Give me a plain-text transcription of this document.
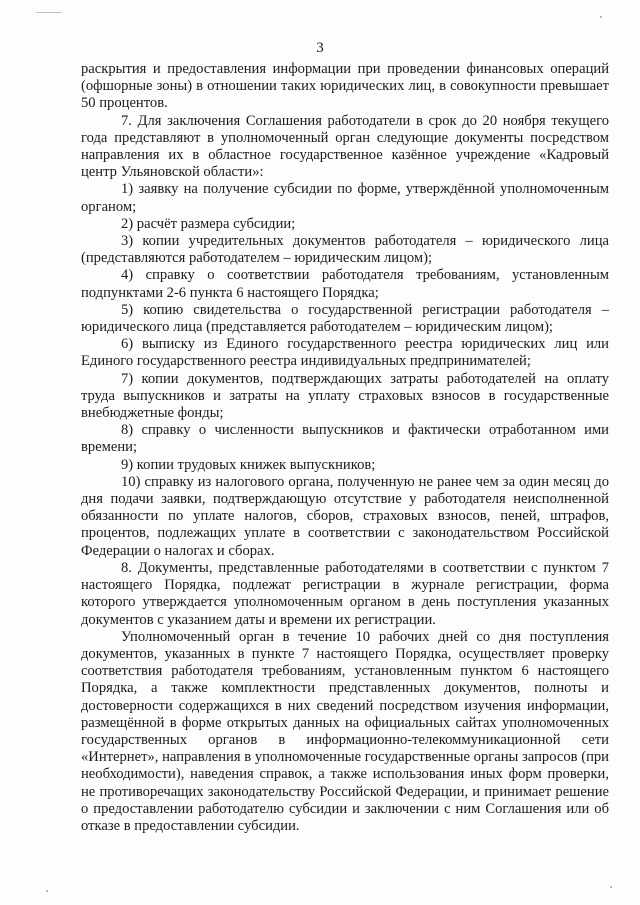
3

раскрытия и предоставления информации при проведении финансовых операций (офшорные зоны) в отношении таких юридических лиц, в совокупности превышает 50 процентов.

7. Для заключения Соглашения работодатели в срок до 20 ноября текущего года представляют в уполномоченный орган следующие документы посредством направления их в областное государственное казённое учреждение «Кадровый центр Ульяновской области»:

1) заявку на получение субсидии по форме, утверждённой уполномоченным органом;

2) расчёт размера субсидии;

3) копии учредительных документов работодателя – юридического лица (представляются работодателем – юридическим лицом);

4) справку о соответствии работодателя требованиям, установленным подпунктами 2-6 пункта 6 настоящего Порядка;

5) копию свидетельства о государственной регистрации работодателя – юридического лица (представляется работодателем – юридическим лицом);

6) выписку из Единого государственного реестра юридических лиц или Единого государственного реестра индивидуальных предпринимателей;

7) копии документов, подтверждающих затраты работодателей на оплату труда выпускников и затраты на уплату страховых взносов в государственные внебюджетные фонды;

8) справку о численности выпускников и фактически отработанном ими времени;

9) копии трудовых книжек выпускников;

10) справку из налогового органа, полученную не ранее чем за один месяц до дня подачи заявки, подтверждающую отсутствие у работодателя неисполненной обязанности по уплате налогов, сборов, страховых взносов, пеней, штрафов, процентов, подлежащих уплате в соответствии с законодательством Российской Федерации о налогах и сборах.

8. Документы, представленные работодателями в соответствии с пунктом 7 настоящего Порядка, подлежат регистрации в журнале регистрации, форма которого утверждается уполномоченным органом в день поступления указанных документов с указанием даты и времени их регистрации.

Уполномоченный орган в течение 10 рабочих дней со дня поступления документов, указанных в пункте 7 настоящего Порядка, осуществляет проверку соответствия работодателя требованиям, установленным пунктом 6 настоящего Порядка, а также комплектности представленных документов, полноты и достоверности содержащихся в них сведений посредством изучения информации, размещённой в форме открытых данных на официальных сайтах уполномоченных государственных органов в информационно-телекоммуникационной сети «Интернет», направления в уполномоченные государственные органы запросов (при необходимости), наведения справок, а также использования иных форм проверки, не противоречащих законодательству Российской Федерации, и принимает решение о предоставлении работодателю субсидии и заключении с ним Соглашения или об отказе в предоставлении субсидии.
